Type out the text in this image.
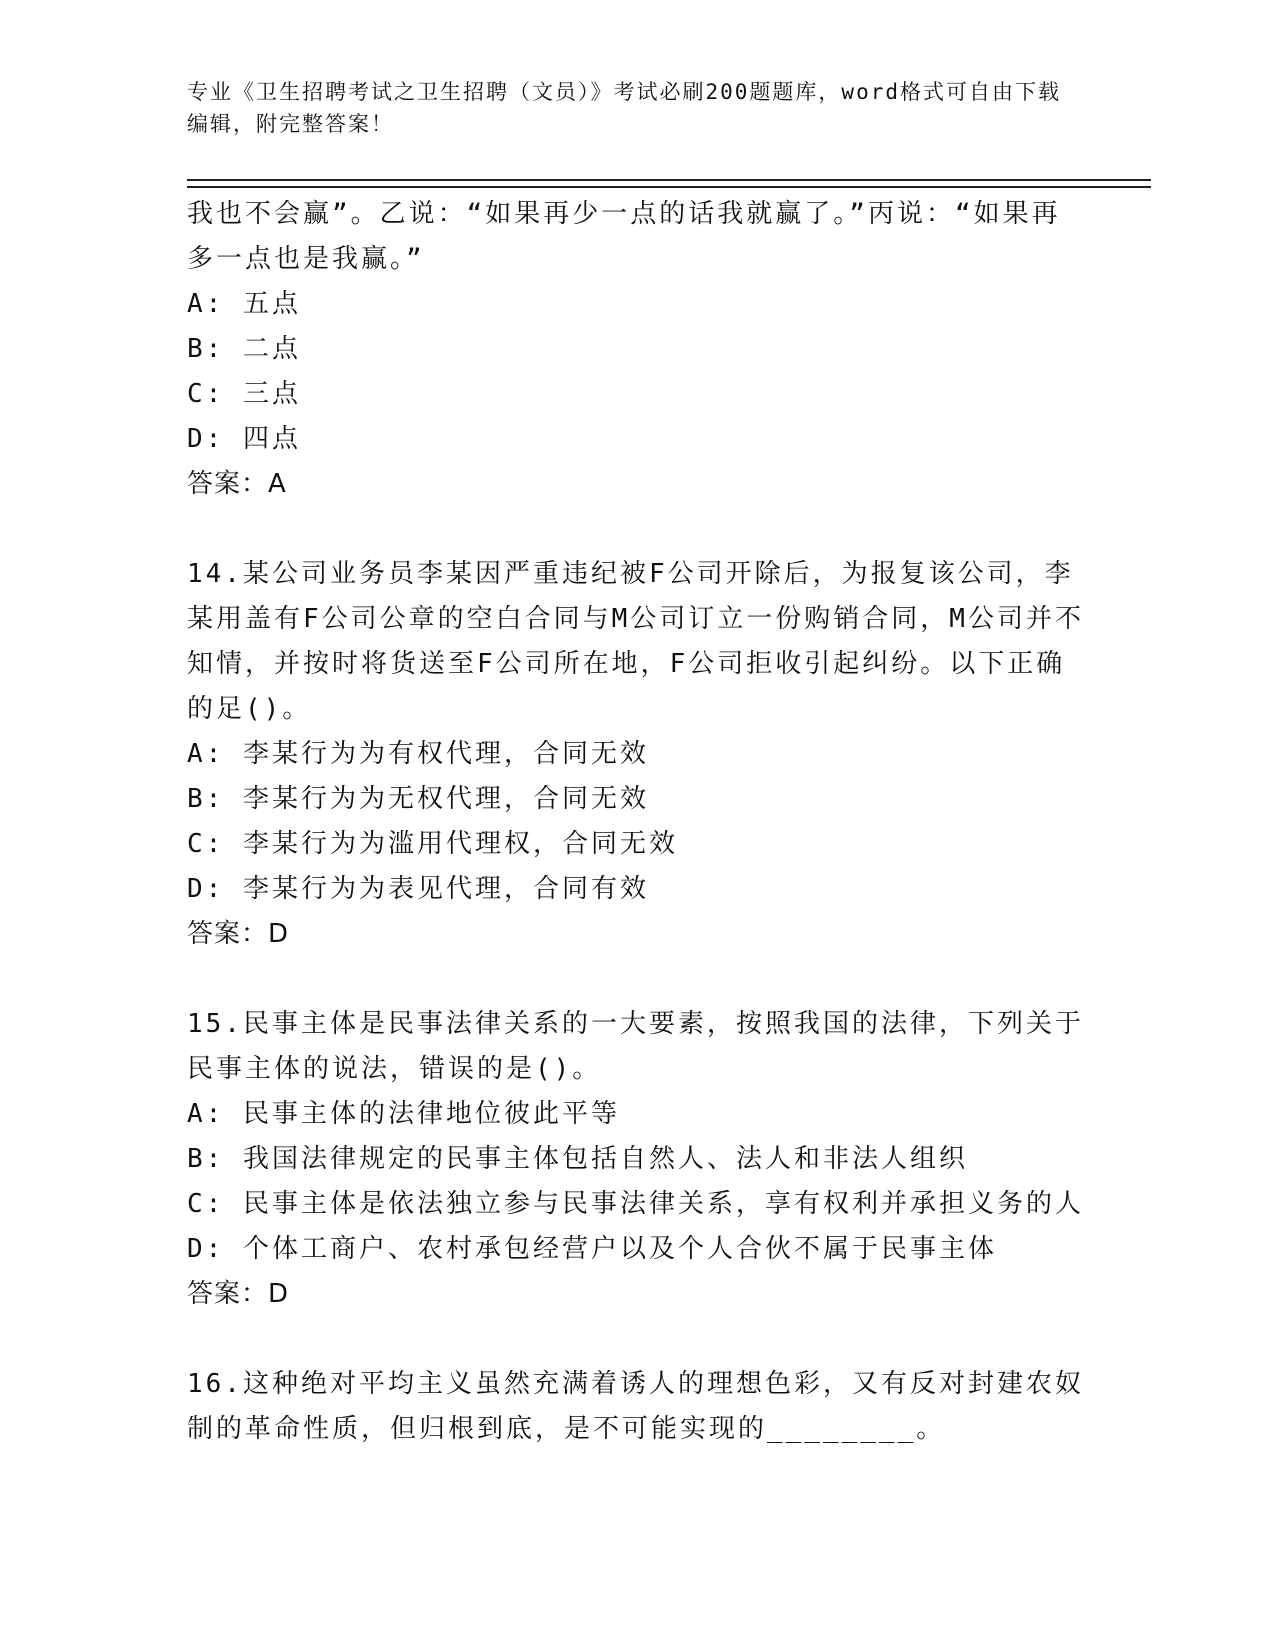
专业《卫生招聘考试之卫生招聘（文员）》考试必刷200题题库，word格式可自由下载编辑，附完整答案！

我也不会赢”。乙说：“如果再少一点的话我就赢了。”丙说：“如果再多一点也是我赢。”

A: 五点

B: 二点

C: 三点

D: 四点

答案：A

14.某公司业务员李某因严重违纪被F公司开除后，为报复该公司，李某用盖有F公司公章的空白合同与M公司订立一份购销合同，M公司并不知情，并按时将货送至F公司所在地，F公司拒收引起纠纷。以下正确的足()。

A: 李某行为为有权代理，合同无效

B: 李某行为为无权代理，合同无效

C: 李某行为为滥用代理权，合同无效

D: 李某行为为表见代理，合同有效

答案：D

15.民事主体是民事法律关系的一大要素，按照我国的法律，下列关于民事主体的说法，错误的是()。

A: 民事主体的法律地位彼此平等

B: 我国法律规定的民事主体包括自然人、法人和非法人组织

C: 民事主体是依法独立参与民事法律关系，享有权利并承担义务的人

D: 个体工商户、农村承包经营户以及个人合伙不属于民事主体

答案：D

16.这种绝对平均主义虽然充满着诱人的理想色彩，又有反对封建农奴制的革命性质，但归根到底，是不可能实现的________。
